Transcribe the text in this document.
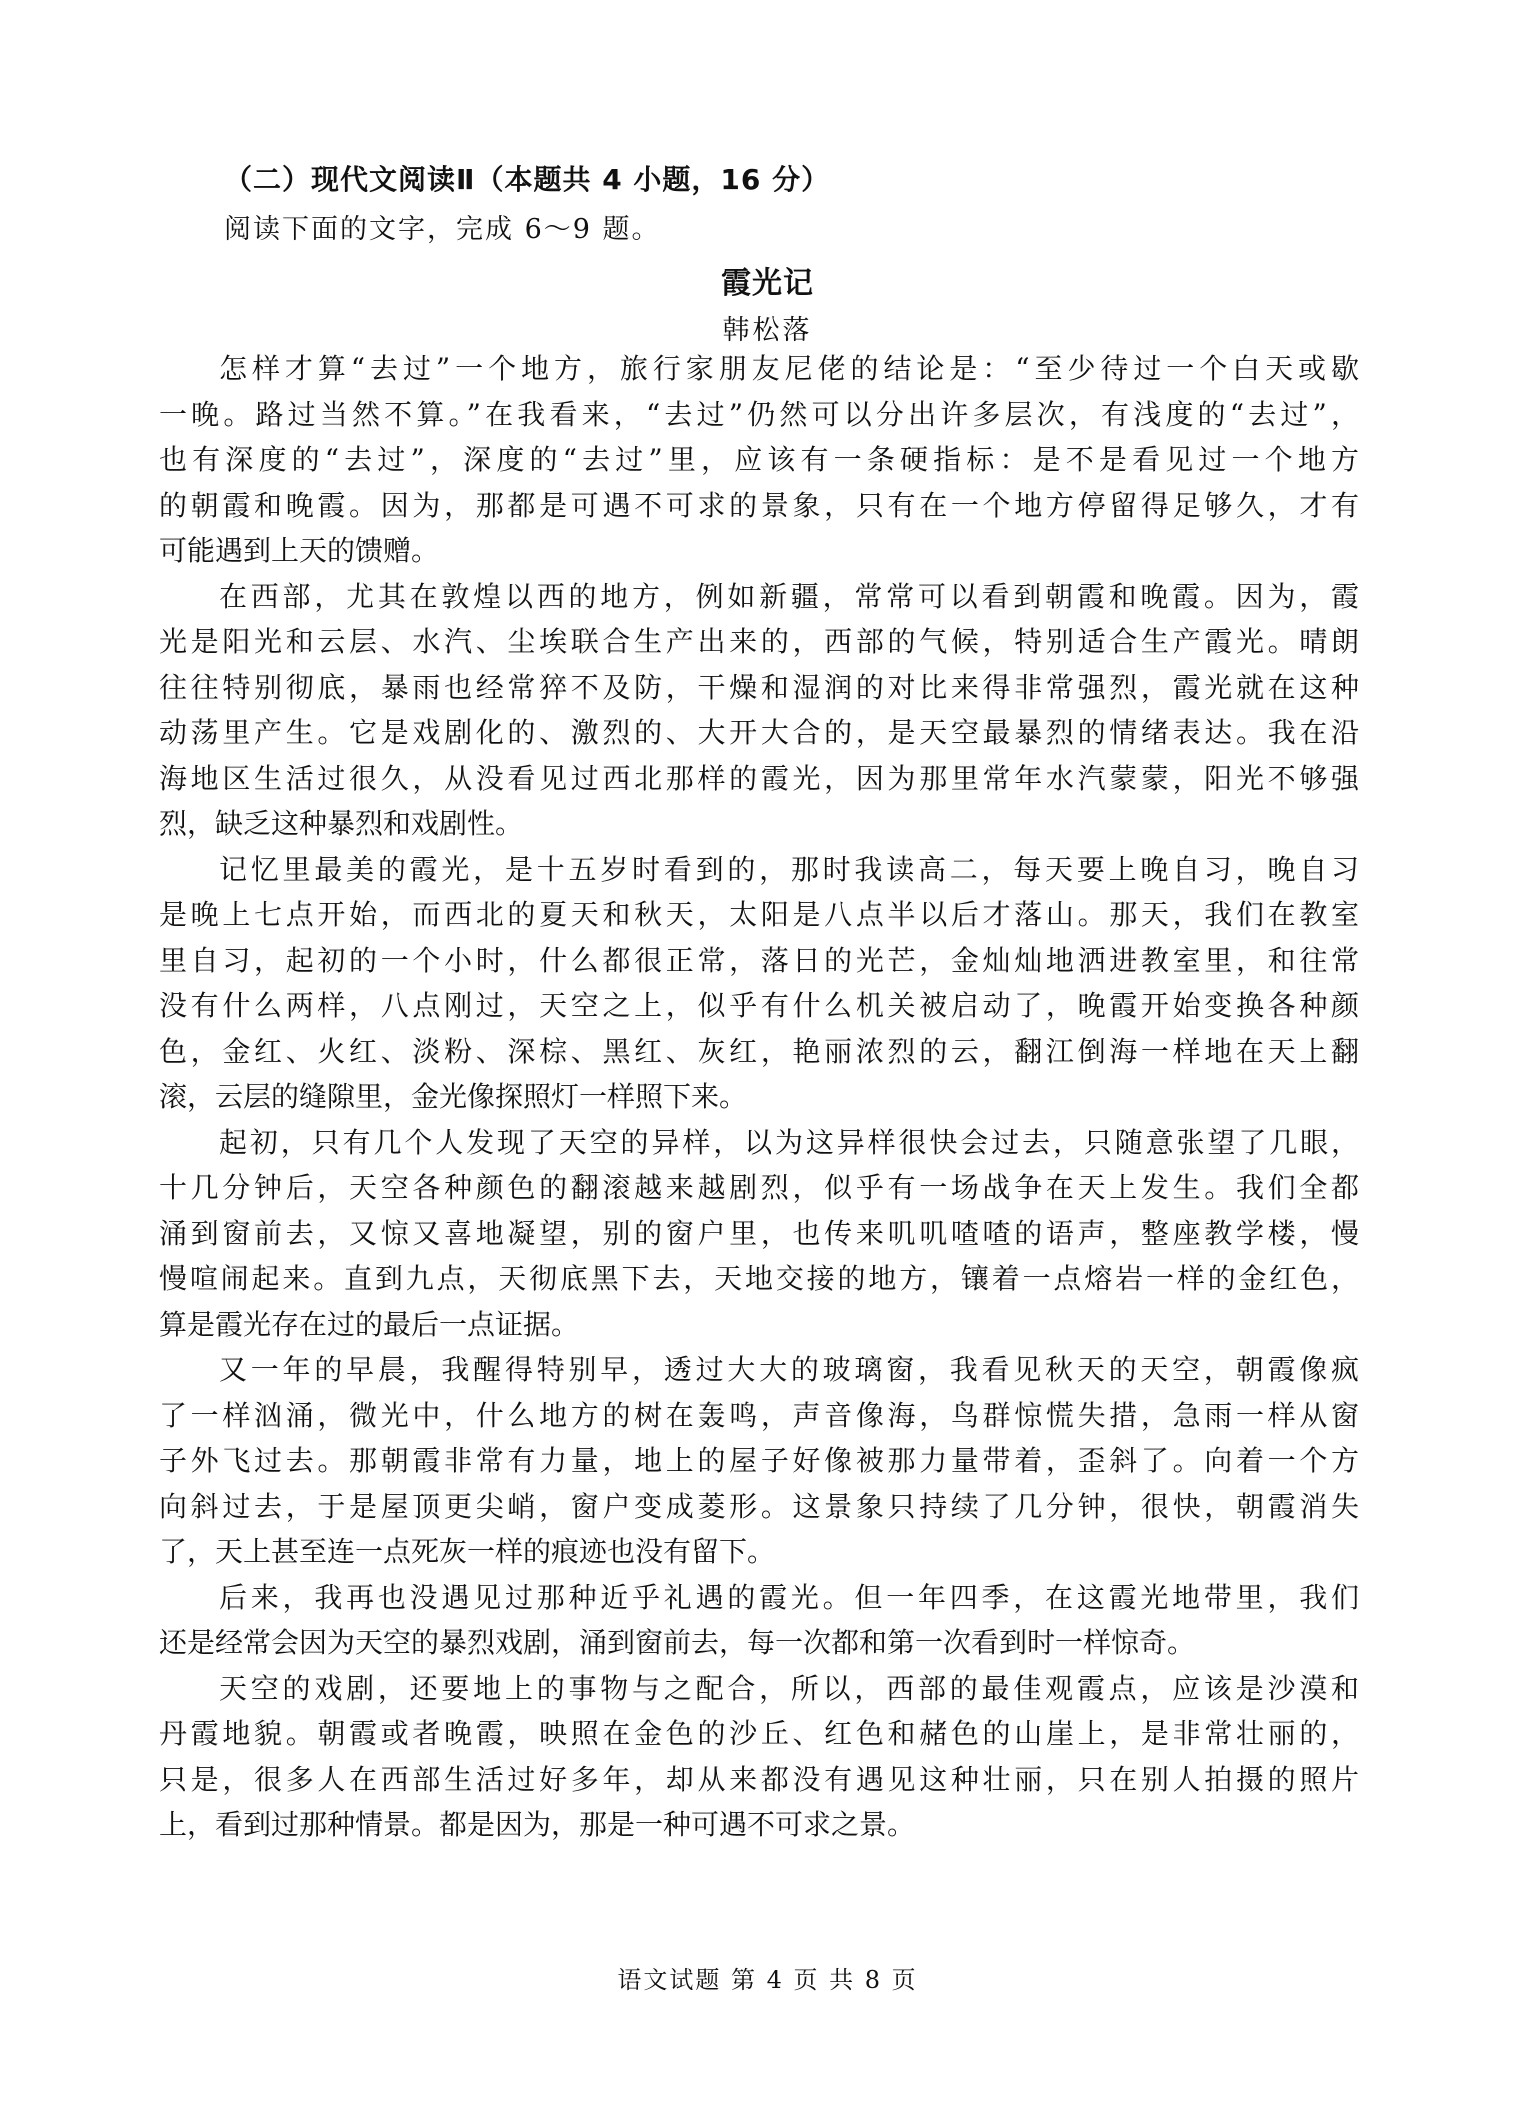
（二）现代文阅读Ⅱ（本题共 4 小题，16 分）
阅读下面的文字，完成 6～9 题。
霞光记
韩松落
怎样才算“去过”一个地方，旅行家朋友尼佬的结论是：“至少待过一个白天或歇
一晚。路过当然不算。”在我看来，“去过”仍然可以分出许多层次，有浅度的“去过”，
也有深度的“去过”，深度的“去过”里，应该有一条硬指标：是不是看见过一个地方
的朝霞和晚霞。因为，那都是可遇不可求的景象，只有在一个地方停留得足够久，才有
可能遇到上天的馈赠。
在西部，尤其在敦煌以西的地方，例如新疆，常常可以看到朝霞和晚霞。因为，霞
光是阳光和云层、水汽、尘埃联合生产出来的，西部的气候，特别适合生产霞光。晴朗
往往特别彻底，暴雨也经常猝不及防，干燥和湿润的对比来得非常强烈，霞光就在这种
动荡里产生。它是戏剧化的、激烈的、大开大合的，是天空最暴烈的情绪表达。我在沿
海地区生活过很久，从没看见过西北那样的霞光，因为那里常年水汽蒙蒙，阳光不够强
烈，缺乏这种暴烈和戏剧性。
记忆里最美的霞光，是十五岁时看到的，那时我读高二，每天要上晚自习，晚自习
是晚上七点开始，而西北的夏天和秋天，太阳是八点半以后才落山。那天，我们在教室
里自习，起初的一个小时，什么都很正常，落日的光芒，金灿灿地洒进教室里，和往常
没有什么两样，八点刚过，天空之上，似乎有什么机关被启动了，晚霞开始变换各种颜
色，金红、火红、淡粉、深棕、黑红、灰红，艳丽浓烈的云，翻江倒海一样地在天上翻
滚，云层的缝隙里，金光像探照灯一样照下来。
起初，只有几个人发现了天空的异样，以为这异样很快会过去，只随意张望了几眼，
十几分钟后，天空各种颜色的翻滚越来越剧烈，似乎有一场战争在天上发生。我们全都
涌到窗前去，又惊又喜地凝望，别的窗户里，也传来叽叽喳喳的语声，整座教学楼，慢
慢喧闹起来。直到九点，天彻底黑下去，天地交接的地方，镶着一点熔岩一样的金红色，
算是霞光存在过的最后一点证据。
又一年的早晨，我醒得特别早，透过大大的玻璃窗，我看见秋天的天空，朝霞像疯
了一样汹涌，微光中，什么地方的树在轰鸣，声音像海，鸟群惊慌失措，急雨一样从窗
子外飞过去。那朝霞非常有力量，地上的屋子好像被那力量带着，歪斜了。向着一个方
向斜过去，于是屋顶更尖峭，窗户变成菱形。这景象只持续了几分钟，很快，朝霞消失
了，天上甚至连一点死灰一样的痕迹也没有留下。
后来，我再也没遇见过那种近乎礼遇的霞光。但一年四季，在这霞光地带里，我们
还是经常会因为天空的暴烈戏剧，涌到窗前去，每一次都和第一次看到时一样惊奇。
天空的戏剧，还要地上的事物与之配合，所以，西部的最佳观霞点，应该是沙漠和
丹霞地貌。朝霞或者晚霞，映照在金色的沙丘、红色和赭色的山崖上，是非常壮丽的，
只是，很多人在西部生活过好多年，却从来都没有遇见这种壮丽，只在别人拍摄的照片
上，看到过那种情景。都是因为，那是一种可遇不可求之景。
语文试题 第 4 页 共 8 页
